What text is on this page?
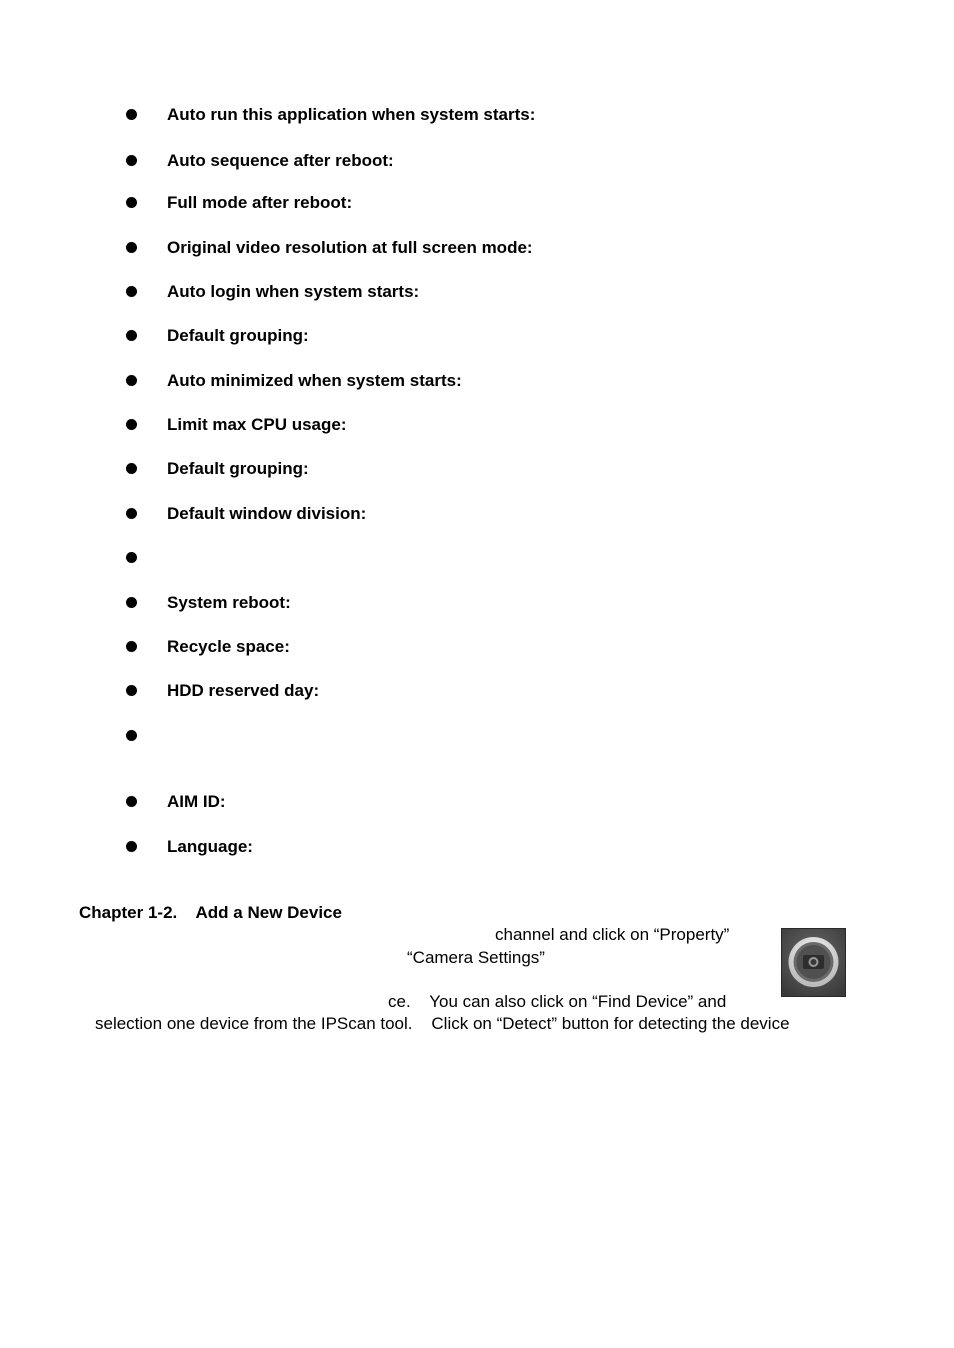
Auto run this application when system starts:
Auto sequence after reboot:
Full mode after reboot:
Original video resolution at full screen mode:
Auto login when system starts:
Default grouping:
Auto minimized when system starts:
Limit max CPU usage:
Default grouping:
Default window division:
System reboot:
Recycle space:
HDD reserved day:
AIM ID:
Language:
Chapter 1-2.    Add a New Device
channel and click on “Property”
“Camera Settings”
ce.    You can also click on “Find Device” and
selection one device from the IPScan tool.    Click on “Detect” button for detecting the device
